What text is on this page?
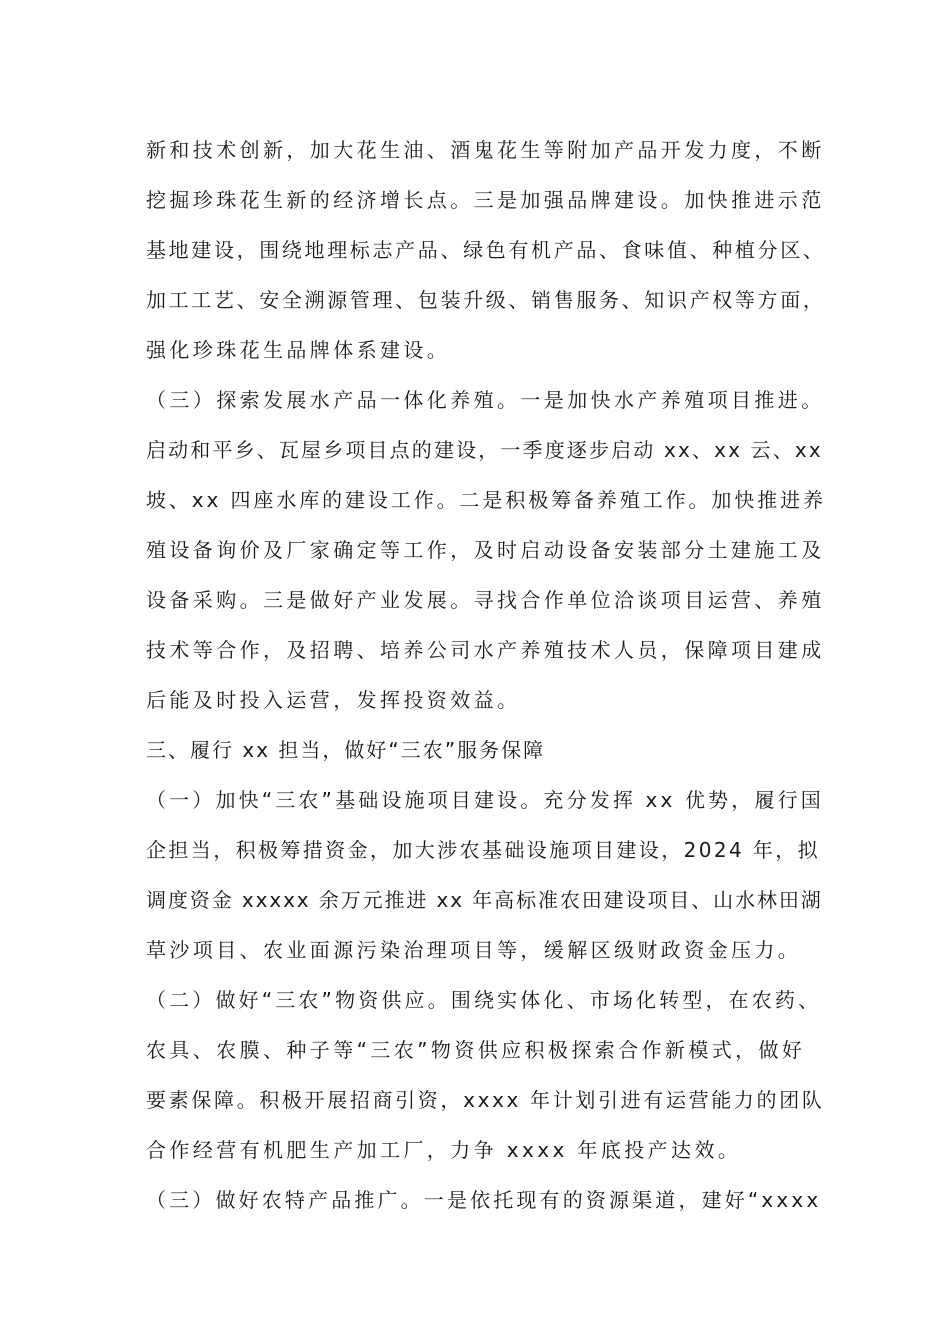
新和技术创新，加大花生油、酒鬼花生等附加产品开发力度，不断
挖掘珍珠花生新的经济增长点。三是加强品牌建设。加快推进示范
基地建设，围绕地理标志产品、绿色有机产品、食味值、种植分区、
加工工艺、安全溯源管理、包装升级、销售服务、知识产权等方面，
强化珍珠花生品牌体系建设。
（三）探索发展水产品一体化养殖。一是加快水产养殖项目推进。
启动和平乡、瓦屋乡项目点的建设，一季度逐步启动 xx、xx 云、xx
坡、xx 四座水库的建设工作。二是积极筹备养殖工作。加快推进养
殖设备询价及厂家确定等工作，及时启动设备安装部分土建施工及
设备采购。三是做好产业发展。寻找合作单位洽谈项目运营、养殖
技术等合作，及招聘、培养公司水产养殖技术人员，保障项目建成
后能及时投入运营，发挥投资效益。
三、履行 xx 担当，做好“三农”服务保障
（一）加快“三农”基础设施项目建设。充分发挥 xx 优势，履行国
企担当，积极筹措资金，加大涉农基础设施项目建设，2024 年，拟
调度资金 xxxxx 余万元推进 xx 年高标准农田建设项目、山水林田湖
草沙项目、农业面源污染治理项目等，缓解区级财政资金压力。
（二）做好“三农”物资供应。围绕实体化、市场化转型，在农药、
农具、农膜、种子等“三农”物资供应积极探索合作新模式，做好
要素保障。积极开展招商引资，xxxx 年计划引进有运营能力的团队
合作经营有机肥生产加工厂，力争 xxxx 年底投产达效。
（三）做好农特产品推广。一是依托现有的资源渠道，建好“xxxx
